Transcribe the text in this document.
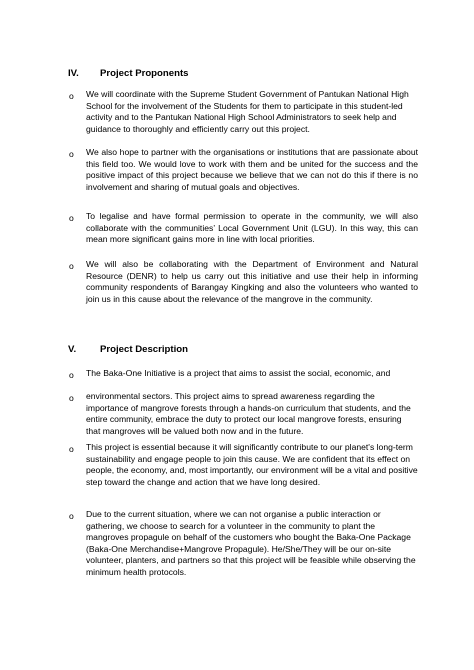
IV. Project Proponents
o We will coordinate with the Supreme Student Government of Pantukan National High School for the involvement of the Students for them to participate in this student-led activity and to the Pantukan National High School Administrators to seek help and guidance to thoroughly and efficiently carry out this project.
o We also hope to partner with the organisations or institutions that are passionate about this field too. We would love to work with them and be united for the success and the positive impact of this project because we believe that we can not do this if there is no involvement and sharing of mutual goals and objectives.
o To legalise and have formal permission to operate in the community, we will also collaborate with the communities’ Local Government Unit (LGU). In this way, this can mean more significant gains more in line with local priorities.
o We will also be collaborating with the Department of Environment and Natural Resource (DENR) to help us carry out this initiative and use their help in informing community respondents of Barangay Kingking and also the volunteers who wanted to join us in this cause about the relevance of the mangrove in the community.
V. Project Description
o The Baka-One Initiative is a project that aims to assist the social, economic, and
o environmental sectors. This project aims to spread awareness regarding the importance of mangrove forests through a hands-on curriculum that students, and the entire community, embrace the duty to protect our local mangrove forests, ensuring that mangroves will be valued both now and in the future.
o This project is essential because it will significantly contribute to our planet's long-term sustainability and engage people to join this cause. We are confident that its effect on people, the economy, and, most importantly, our environment will be a vital and positive step toward the change and action that we have long desired.
o Due to the current situation, where we can not organise a public interaction or gathering, we choose to search for a volunteer in the community to plant the mangroves propagule on behalf of the customers who bought the Baka-One Package (Baka-One Merchandise+Mangrove Propagule). He/She/They will be our on-site volunteer, planters, and partners so that this project will be feasible while observing the minimum health protocols.
